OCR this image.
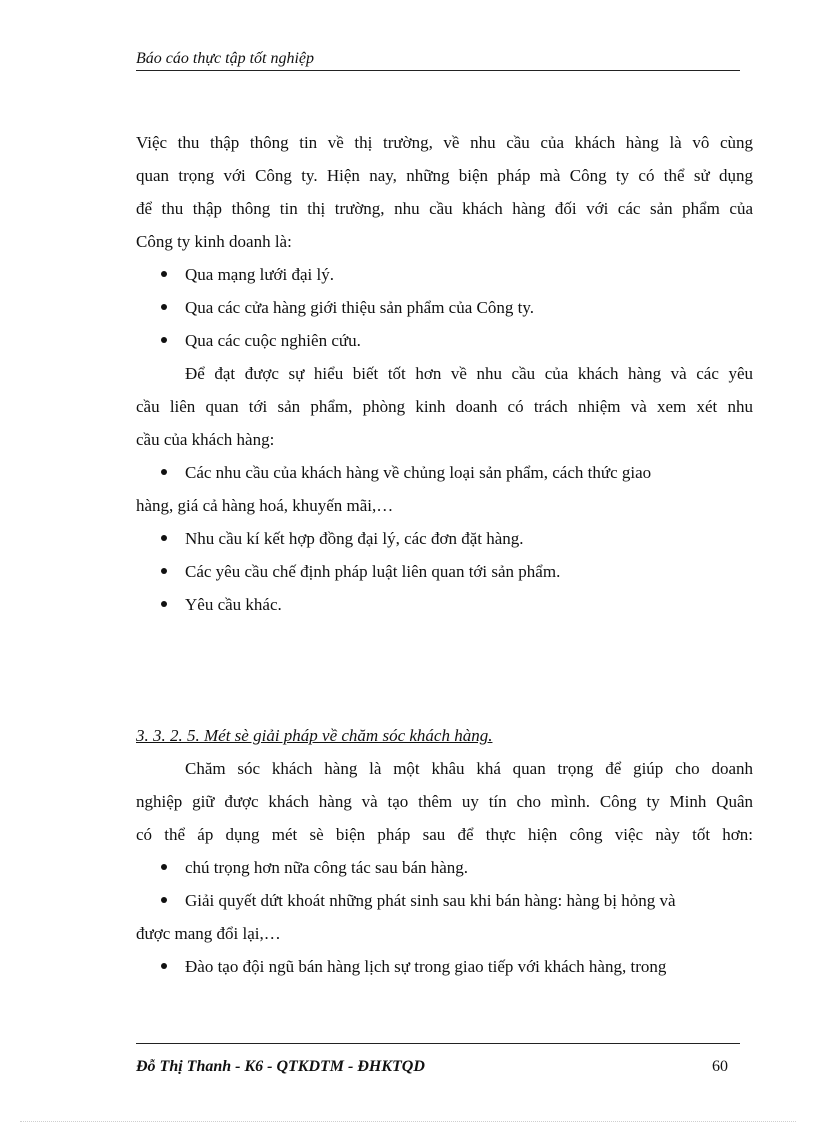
Báo cáo thực tập tốt nghiệp

Việc thu thập thông tin về thị trường, về nhu cầu của khách hàng là vô cùng

quan trọng với Công ty. Hiện nay, những biện pháp mà Công ty có thể sử dụng

để thu thập thông tin thị trường, nhu cầu khách hàng đối với các sản phẩm của

Công ty kinh doanh là:

Qua mạng lưới đại lý.

Qua các cửa hàng giới thiệu sản phẩm của Công ty.

Qua các cuộc nghiên cứu.

Để đạt được sự hiểu biết tốt hơn về nhu cầu của khách hàng và các yêu

cầu liên quan tới sản phẩm, phòng kinh doanh có trách nhiệm và xem xét nhu

cầu của khách hàng:

Các nhu cầu của khách hàng về chủng loại sản phẩm, cách thức giao

hàng, giá cả hàng hoá, khuyến mãi,…

Nhu cầu kí kết hợp đồng đại lý, các đơn đặt hàng.

Các yêu cầu chế định pháp luật liên quan tới sản phẩm.

Yêu cầu khác.

3. 3. 2. 5. Mét sè giải pháp về chăm sóc khách hàng.

Chăm sóc khách hàng là một khâu khá quan trọng để giúp cho doanh

nghiệp giữ được khách hàng và tạo thêm uy tín cho mình. Công ty Minh Quân

có thể áp dụng mét sè biện pháp sau để thực hiện công việc này tốt hơn:

chú trọng hơn nữa công tác sau bán hàng.

Giải quyết dứt khoát những phát sinh sau khi bán hàng: hàng bị hỏng và

được mang đổi lại,…

Đào tạo đội ngũ bán hàng lịch sự trong giao tiếp với khách hàng, trong

Đỗ Thị Thanh - K6 - QTKDTM - ĐHKTQD	60
